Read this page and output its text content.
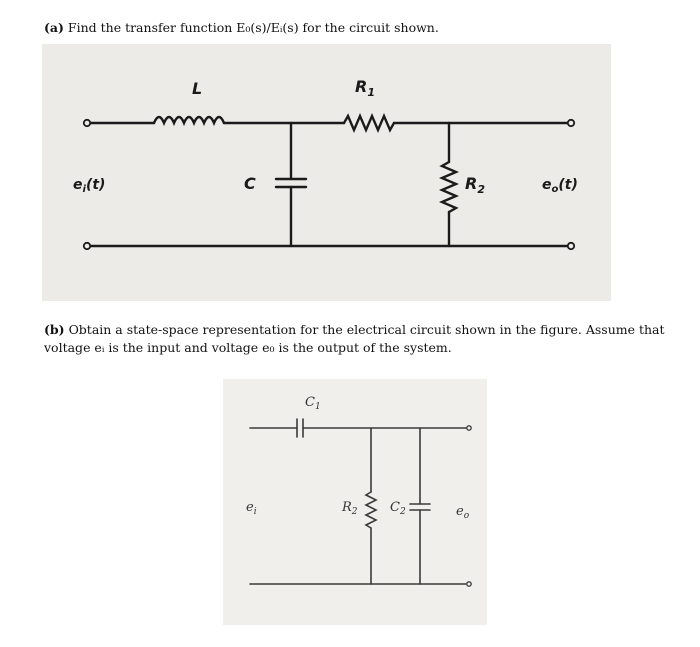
(a) Find the transfer function E₀(s)/Eᵢ(s) for the circuit shown.
L	$R_1$
C	$R_2$
$e_i(t)$	$e_o(t)$
(b) Obtain a state-space representation for the electrical circuit shown in the figure. Assume that voltage eᵢ is the input and voltage e₀ is the output of the system.
$C_1$
$R_2$ $C_2$
$e_i$	$e_o$
